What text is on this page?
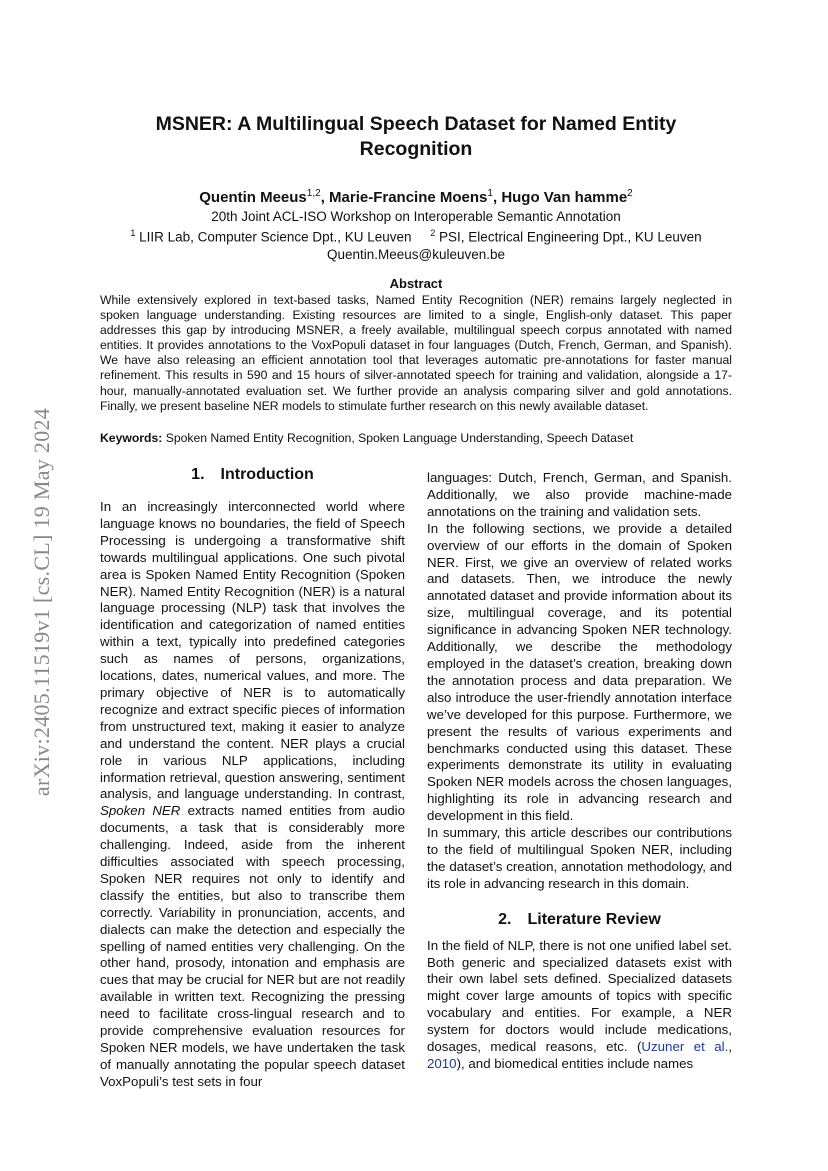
arXiv:2405.11519v1 [cs.CL] 19 May 2024
MSNER: A Multilingual Speech Dataset for Named Entity Recognition
Quentin Meeus$^{1,2}$, Marie-Francine Moens$^1$, Hugo Van hamme$^2$
20th Joint ACL-ISO Workshop on Interoperable Semantic Annotation
$^1$ LIIR Lab, Computer Science Dpt., KU Leuven $^2$ PSI, Electrical Engineering Dpt., KU Leuven
Quentin.Meeus@kuleuven.be
Abstract

While extensively explored in text-based tasks, Named Entity Recognition (NER) remains largely neglected in spoken language understanding. Existing resources are limited to a single, English-only dataset. This paper addresses this gap by introducing MSNER, a freely available, multilingual speech corpus annotated with named entities. It provides annotations to the VoxPopuli dataset in four languages (Dutch, French, German, and Spanish). We have also releasing an efficient annotation tool that leverages automatic pre-annotations for faster manual refinement. This results in 590 and 15 hours of silver-annotated speech for training and validation, alongside a 17-hour, manually-annotated evaluation set. We further provide an analysis comparing silver and gold annotations. Finally, we present baseline NER models to stimulate further research on this newly available dataset.

Keywords: Spoken Named Entity Recognition, Spoken Language Understanding, Speech Dataset
1. Introduction

In an increasingly interconnected world where language knows no boundaries, the field of Speech Processing is undergoing a transformative shift towards multilingual applications. One such pivotal area is Spoken Named Entity Recognition (Spoken NER). Named Entity Recognition (NER) is a natural language processing (NLP) task that involves the identification and categorization of named entities within a text, typically into predefined categories such as names of persons, organizations, locations, dates, numerical values, and more. The primary objective of NER is to automatically recognize and extract specific pieces of information from unstructured text, making it easier to analyze and understand the content. NER plays a crucial role in various NLP applications, including information retrieval, question answering, sentiment analysis, and language understanding. In contrast, Spoken NER extracts named entities from audio documents, a task that is considerably more challenging. Indeed, aside from the inherent difficulties associated with speech processing, Spoken NER requires not only to identify and classify the entities, but also to transcribe them correctly. Variability in pronunciation, accents, and dialects can make the detection and especially the spelling of named entities very challenging. On the other hand, prosody, intonation and emphasis are cues that may be crucial for NER but are not readily available in written text. Recognizing the pressing need to facilitate cross-lingual research and to provide comprehensive evaluation resources for Spoken NER models, we have undertaken the task of manually annotating the popular speech dataset VoxPopuli’s test sets in four

languages: Dutch, French, German, and Spanish. Additionally, we also provide machine-made annotations on the training and validation sets.

In the following sections, we provide a detailed overview of our efforts in the domain of Spoken NER. First, we give an overview of related works and datasets. Then, we introduce the newly annotated dataset and provide information about its size, multilingual coverage, and its potential significance in advancing Spoken NER technology. Additionally, we describe the methodology employed in the dataset’s creation, breaking down the annotation process and data preparation. We also introduce the user-friendly annotation interface we’ve developed for this purpose. Furthermore, we present the results of various experiments and benchmarks conducted using this dataset. These experiments demonstrate its utility in evaluating Spoken NER models across the chosen languages, highlighting its role in advancing research and development in this field.

In summary, this article describes our contributions to the field of multilingual Spoken NER, including the dataset’s creation, annotation methodology, and its role in advancing research in this domain.

2. Literature Review

In the field of NLP, there is not one unified label set. Both generic and specialized datasets exist with their own label sets defined. Specialized datasets might cover large amounts of topics with specific vocabulary and entities. For example, a NER system for doctors would include medications, dosages, medical reasons, etc. (Uzuner et al., 2010), and biomedical entities include names
